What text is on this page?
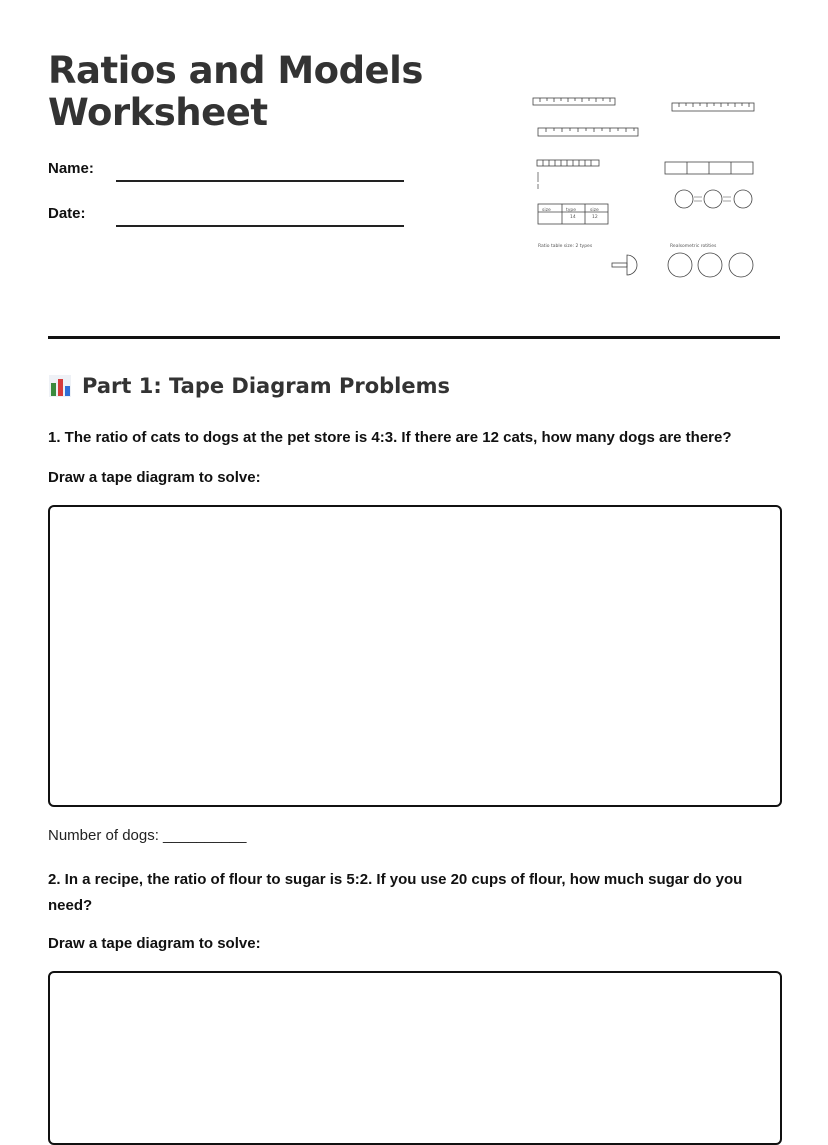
Ratios and Models
Worksheet
Name:
Date:	size	type	size
14	12
Ratio table size: 2 types	Realsometric rotities
Part 1: Tape Diagram Problems

1. The ratio of cats to dogs at the pet store is 4:3. If there are 12 cats, how many dogs are there?

Draw a tape diagram to solve:

Number of dogs: __________

2. In a recipe, the ratio of flour to sugar is 5:2. If you use 20 cups of flour, how much sugar do you need?

Draw a tape diagram to solve:
